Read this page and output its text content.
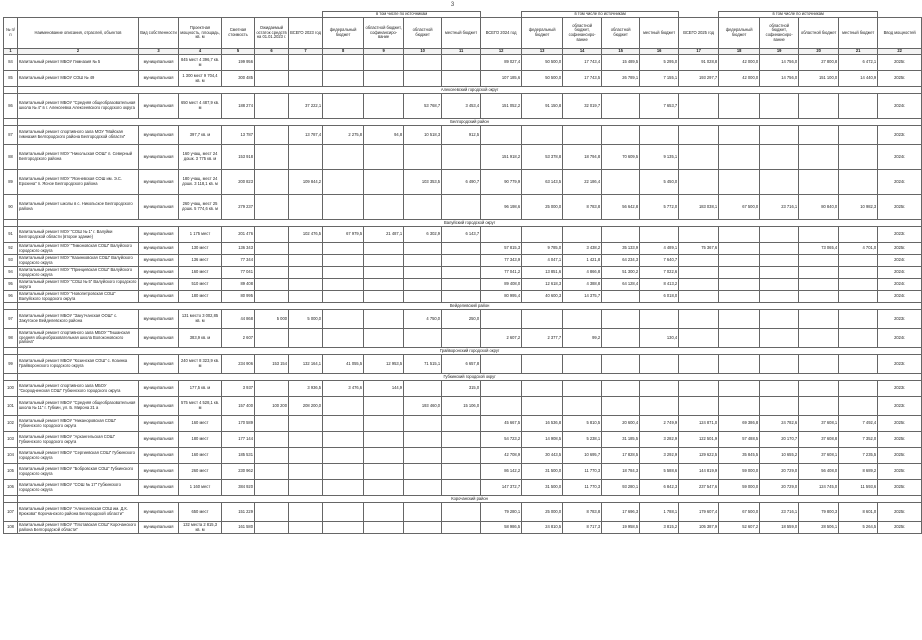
3
							в том числе по источникам					в том числе по источникам					в том числе по источникам				
№ п/п	Наименование описания, отраслей, объектов	Вид собственности	Проектная мощность, площадь, кв. м	Сметная стоимость	Ожидаемый остаток средств на 01.01.2023 г.	ВСЕГО 2023 год	федеральный бюджет	областной бюджет, софинансиро-вание	областной бюджет	местный бюджет	ВСЕГО 2024 год	федеральный бюджет	областной бюджет, софинансиро-вание	областной бюджет	местный бюджет	ВСЕГО 2025 год	федеральный бюджет	областной бюджет, софинансиро-вание	областной бюджет	местный бюджет	Ввод мощностей
1	2	3	4	5	6	7	8	9	10	11	12	13	14	15	16	17	18	19	20	21	22
84	Капитальный ремонт МБОУ Гимназия № 5	муниципальная	845 мест 4 396,7 кв. м	199 956							89 027,4	50 500,0	17 743,4	15 489,5	5 295,0	91 028,8	42 000,0	14 756,0	27 800,8	6 472,1	2025г.
85	Капитальный ремонт МБОУ СОШ № 49	муниципальная	1 300 мест 9 704,4 кв. м	300 485							107 185,6	50 500,0	17 743,5	26 789,1	7 155,1	193 297,7	42 000,0	14 756,0	151 100,0	14 440,9	2025г.
	Алексеевский городской округ																				
86	Капитальный ремонт МБОУ "Средняя общеобразовательная школа № 4" в г. Алексеевка Алексеевского городского округа	муниципальная	650 мест 4 487,9 кв. м	188 274		37 222,1			53 768,7	3 453,4	151 052,2	91 150,8	32 019,7		7 653,7						2024г.
	Белгородский район																				
87	Капитальный ремонт спортивного зала МОУ "Майская гимназия Белгородского района Белгородской области"	муниципальная	397,7 кв. м	13 787		13 787,4	2 275,8	94,8	10 518,3	912,5											2023г.
88	Капитальный ремонт МОУ "Никольская ООШ" п. Северный Белгородского района	муниципальная	160 учащ. мест 24 дошк. 3 775 кв. м	153 918							151 918,2	53 378,8	18 794,8	70 609,5	9 135,1						2024г.
89	Капитальный ремонт МОУ "Ясеневская СОШ им. Э.С. Ерохина" п. Ясное Белгородского района	муниципальная	180 учащ. мест 24 дошк. 3 118,1 кв. м	200 823		109 844,2			103 353,5	6 490,7	90 779,9	63 143,5	22 186,4		5 450,0						2024г.
90	Капитальный ремонт школы в с. Никольское Белгородского района	муниципальная	260 учащ. мест 25 дошк. 5 774,6 кв. м	279 237							96 198,6	25 000,0	8 783,8	56 642,8	5 772,0	183 038,1	67 500,0	23 716,1	80 840,0	10 982,3	2025г.
	Валуйский городской округ																				
91	Капитальный ремонт МОУ "СОШ № 1" г. Валуйки Белгородской области (второе здание)	муниципальная	1 175 мест	201 476		102 476,5	67 979,5	21 487,1	6 302,9	6 143,7											2023г.
92	Капитальный ремонт МОУ "Тимоновская СОШ" Валуйского городского округа	муниципальная	130 мест	136 343							57 815,3	9 785,0	3 438,2	35 133,9	4 489,1	75 367,6			73 065,4	4 701,0	2025г.
93	Капитальный ремонт МОУ "Казинковская СОШ" Валуйского городского округа	муниципальная	136 мест	77 344							77 343,9	4 047,1	1 421,8	64 234,3	7 640,7						2024г.
94	Капитальный ремонт МОУ "Принцевская СОШ" Валуйского городского округа	муниципальная	160 мест	77 041							77 041,2	13 851,6	4 866,8	51 300,2	7 022,6						2024г.
95	Капитальный ремонт МОУ "СОШ № 5" Валуйского городского округа	муниципальная	510 мест	89 408							89 408,0	12 618,3	4 388,8	64 128,4	8 413,2						2024г.
96	Капитальный ремонт МОУ "Новопетровская СОШ" Валуйского городского округа	муниципальная	180 мест	80 995							80 995,4	40 600,3	14 375,7		6 018,0						2024г.
	Вейделевский район																				
97	Капитальный ремонт МБОУ "Закутчанская ООШ" с. Закутское Вейделевского района	муниципальная	131 место 3 002,85 кв. м	44 868	5 000	5 000,0			4 750,0	250,0											2023г.
98	Капитальный ремонт спортивного зала МБОУ "Тишанская средняя общеобразовательная школа Волоконовского района"	муниципальная	383,9 кв. м	2 607							2 607,2	2 377,7	99,2		130,4						2024г.
	Грайворонский городской округ																				
99	Капитальный ремонт МБОУ "Козинская СОШ" с. Козинка Грайворонского городского округа	муниципальная	240 мест 8 323,9 кв. м	234 906	153 154	132 164,1	41 055,5	12 953,5	71 515,1	6 657,8											2023г.
	Губкинский городской округ																				
100	Капитальный ремонт спортивного зала МБОУ "Скородненская СОШ" Губкинского городского округа	муниципальная	177,5 кв. м	3 937		3 936,5	3 476,6	144,9		315,0											2023г.
101	Капитальный ремонт МБОУ "Средняя общеобразовательная школа № 11" г. Губкин, ул. Б. Мирона 21 а	муниципальная	575 мест 4 528,1 кв. м	157 400	100 200	208 200,0			193 460,0	15 106,0											2023г.
102	Капитальный ремонт МБОУ "Никаноровская СОШ" Губкинского городского округа	муниципальная	160 мест	170 589							45 667,5	16 536,8	5 810,5	20 600,4	2 749,9	124 871,0	69 386,8	24 782,6	37 608,1	7 492,4	2025г.
103	Капитальный ремонт МБОУ "Архангельская СОШ" Губкинского городского округа	муниципальная	180 мест	177 144							54 723,2	14 908,5	5 238,1	31 185,5	3 282,9	122 501,9	57 488,5	20 170,7	37 608,8	7 352,0	2025г.
104	Капитальный ремонт МБОУ "Сергиевская СОШ" Губкинского городского округа	муниципальная	160 мест	185 531							42 708,9	30 443,5	10 695,7	17 828,5	3 292,9	129 622,5	35 845,5	10 655,2	37 608,1	7 235,5	2025г.
105	Капитальный ремонт МБОУ "Бобровская СОШ" Губкинского городского округа	муниципальная	260 мест	230 962							86 142,2	31 500,0	11 770,3	18 784,3	5 588,6	144 819,9	59 000,0	20 729,0	56 408,0	8 689,2	2025г.
106	Капитальный ремонт МБОУ "СОШ № 17" Губкинского городского округа	муниципальная	1 160 мест	384 920							147 372,7	31 500,0	11 770,3	93 280,1	6 842,3	237 547,6	59 000,0	20 729,0	124 745,0	11 593,6	2025г.
	Корочанский район																				
107	Капитальный ремонт МБОУ "Алексеевская СОШ им. Д.К. Крюкова" Корочанского района Белгородской области"	муниципальная	650 мест	151 229							79 280,1	25 000,0	8 783,8	17 696,3	1 788,1	179 607,4	67 500,0	23 716,1	79 800,3	8 601,0	2025г.
108	Капитальный ремонт МБОУ "Плотавская СОШ" Корочанского района Белгородской области"	муниципальная	132 места 2 815,3 кв. м	161 580							58 986,5	24 810,5	8 717,3	19 958,5	3 815,2	105 387,9	52 607,2	18 559,0	28 506,1	5 264,5	2025г.
